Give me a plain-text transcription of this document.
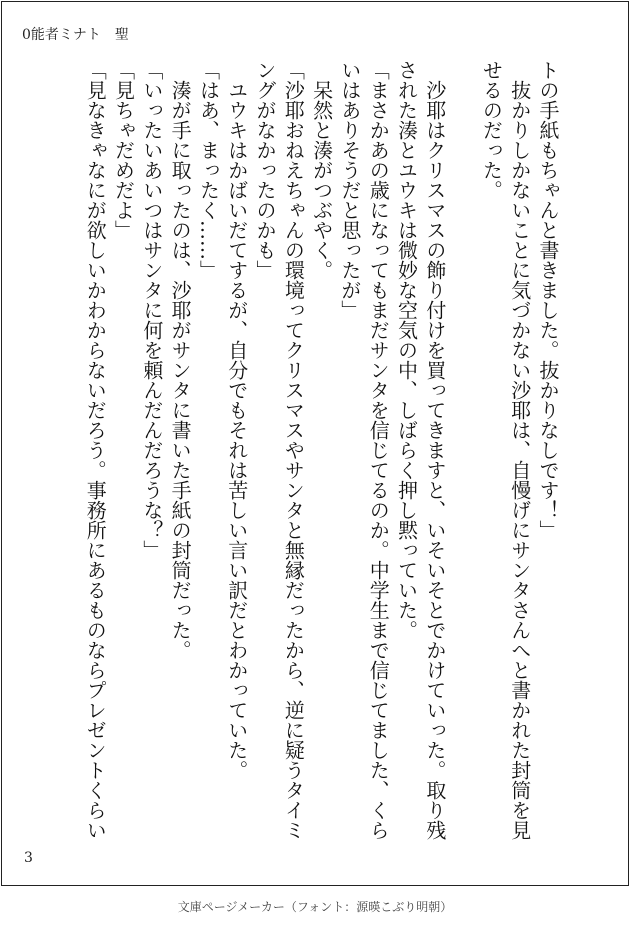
0能者ミナト　聖
トの手紙もちゃんと書きました。抜かりなしです！」
　抜かりしかないことに気づかない沙耶は、自慢げにサンタさんへと書かれた封筒を見
せるのだった。

　沙耶はクリスマスの飾り付けを買ってきますと、いそいそとでかけていった。取り残
された湊とユウキは微妙な空気の中、しばらく押し黙っていた。
「まさかあの歳になってもまだサンタを信じてるのか。中学生まで信じてました、くら
いはありそうだと思ったが」
　呆然と湊がつぶやく。
「沙耶おねえちゃんの環境ってクリスマスやサンタと無縁だったから、逆に疑うタイミ
ングがなかったのかも」
　ユウキはかばいだてするが、自分でもそれは苦しい言い訳だとわかっていた。
「はあ、まったく……」
　湊が手に取ったのは、沙耶がサンタに書いた手紙の封筒だった。
「いったいあいつはサンタに何を頼んだんだろうな？」
「見ちゃだめだよ」
「見なきゃなにが欲しいかわからないだろう。事務所にあるものならプレゼントくらい
3
文庫ページメーカー（フォント：源暎こぶり明朝）
